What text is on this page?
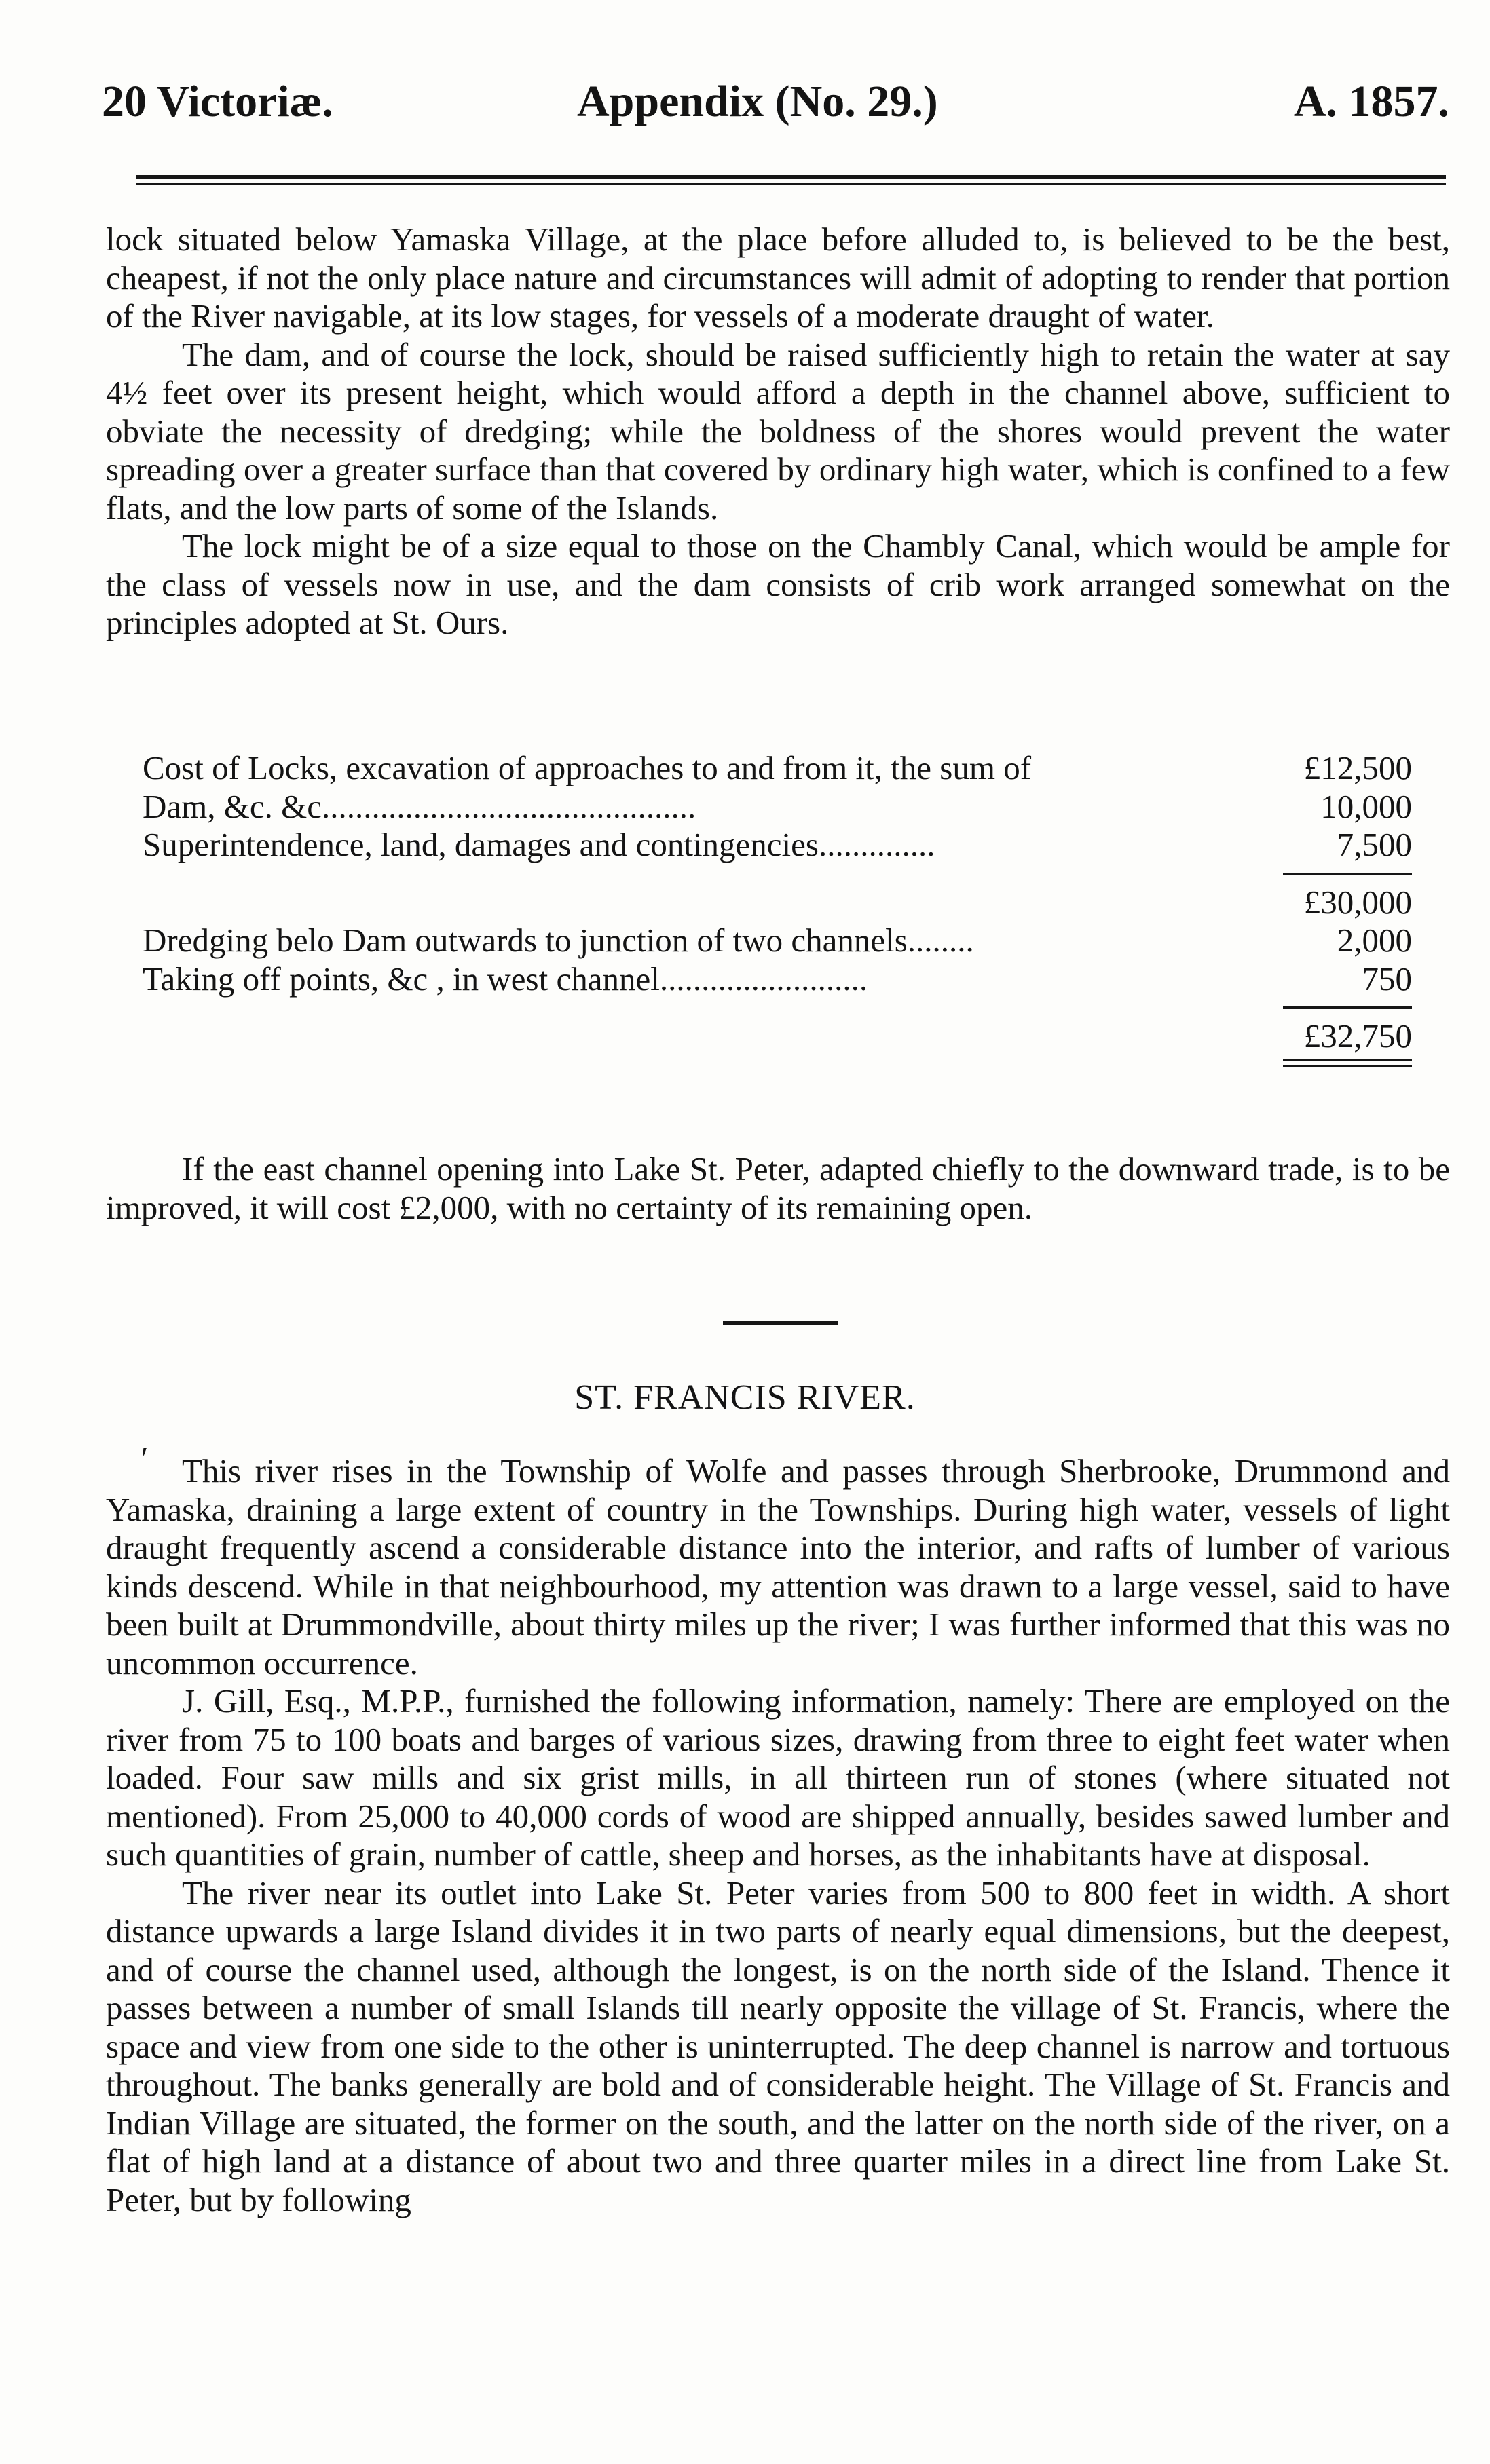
20 Victoriæ.	Appendix (No. 29.)	A. 1857.

lock situated below Yamaska Village, at the place before alluded to, is believed to be the best, cheapest, if not the only place nature and circumstances will admit of adopting to render that portion of the River navigable, at its low stages, for vessels of a moderate draught of water.

The dam, and of course the lock, should be raised sufficiently high to retain the water at say 4½ feet over its present height, which would afford a depth in the channel above, sufficient to obviate the necessity of dredging; while the boldness of the shores would prevent the water spreading over a greater surface than that covered by ordinary high water, which is confined to a few flats, and the low parts of some of the Islands.

The lock might be of a size equal to those on the Chambly Canal, which would be ample for the class of vessels now in use, and the dam consists of crib work arranged somewhat on the principles adopted at St. Ours.

Cost of Locks, excavation of approaches to and from it, the sum of	£12,500
Dam, &c. &c.............................................	10,000
Superintendence, land, damages and contingencies..............	7,500
£30,000
Dredging belo Dam outwards to junction of two channels........	2,000
Taking off points, &c , in west channel.........................	750
£32,750

If the east channel opening into Lake St. Peter, adapted chiefly to the downward trade, is to be improved, it will cost £2,000, with no certainty of its remaining open.

ST. FRANCIS RIVER.
′	This river rises in the Township of Wolfe and passes through Sherbrooke, Drummond and Yamaska, draining a large extent of country in the Townships. During high water, vessels of light draught frequently ascend a considerable distance into the interior, and rafts of lumber of various kinds descend. While in that neighbourhood, my attention was drawn to a large vessel, said to have been built at Drummondville, about thirty miles up the river; I was further informed that this was no uncommon occurrence.

J. Gill, Esq., M.P.P., furnished the following information, namely: There are employed on the river from 75 to 100 boats and barges of various sizes, drawing from three to eight feet water when loaded. Four saw mills and six grist mills, in all thirteen run of stones (where situated not mentioned). From 25,000 to 40,000 cords of wood are shipped annually, besides sawed lumber and such quantities of grain, number of cattle, sheep and horses, as the inhabitants have at disposal.

The river near its outlet into Lake St. Peter varies from 500 to 800 feet in width. A short distance upwards a large Island divides it in two parts of nearly equal dimensions, but the deepest, and of course the channel used, although the longest, is on the north side of the Island. Thence it passes between a number of small Islands till nearly opposite the village of St. Francis, where the space and view from one side to the other is uninterrupted. The deep channel is narrow and tortuous throughout. The banks generally are bold and of considerable height. The Village of St. Francis and Indian Village are situated, the former on the south, and the latter on the north side of the river, on a flat of high land at a distance of about two and three quarter miles in a direct line from Lake St. Peter, but by following
